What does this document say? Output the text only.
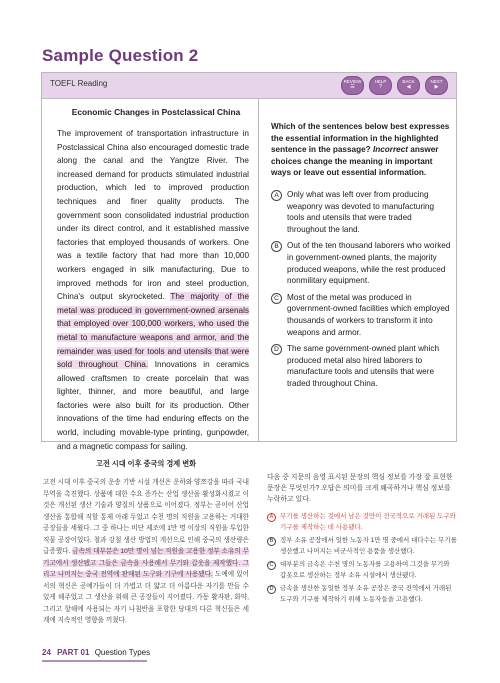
Sample Question 2
TOEFL Reading	REVIEW
☰
HELP
?
BACK
◀
NEXT
▶
Economic Changes in Postclassical China
The improvement of transportation infrastructure in Postclassical China also encouraged domestic trade along the canal and the Yangtze River. The increased demand for products stimulated industrial production, which led to improved production techniques and finer quality products. The government soon consolidated industrial production under its direct control, and it established massive factories that employed thousands of workers. One was a textile factory that had more than 10,000 workers engaged in silk manufacturing. Due to improved methods for iron and steel production, China's output skyrocketed. The majority of the metal was produced in government-owned arsenals that employed over 100,000 workers, who used the metal to manufacture weapons and armor, and the remainder was used for tools and utensils that were sold throughout China. Innovations in ceramics allowed craftsmen to create porcelain that was lighter, thinner, and more beautiful, and large factories were also built for its production. Other innovations of the time had enduring effects on the world, including movable-type printing, gunpowder, and a magnetic compass for sailing.
Which of the sentences below best expresses the essential information in the highlighted sentence in the passage? Incorrect answer choices change the meaning in important ways or leave out essential information.
A	Only what was left over from producing weaponry was devoted to manufacturing tools and utensils that were traded throughout the land.
B	Out of the ten thousand laborers who worked in government-owned plants, the majority produced weapons, while the rest produced nonmilitary equipment.
C Most of the metal was produced in government-owned facilities which employed thousands of workers to transform it into weapons and armor.
D The same government-owned plant which produced metal also hired laborers to manufacture tools and utensils that were traded throughout China.
고전 시대 이후 중국의 경제 변화
고전 시대 이후 중국의 운송 기반 시설 개선은 운하와 양쯔강을 따라 국내 무역을 촉진했다. 상품에 대한 수요 증가는 산업 생산을 활성화시켰고 이것은 개선된 생산 기술과 양질의 상품으로 이어졌다. 정부는 곧이어 산업 생산을 통합해 직할 통제 아래 두었고 수천 명의 직원을 고용하는 거대한 공장들을 세웠다. 그 중 하나는 비단 제조에 1만 명 이상의 직원을 투입한 직물 공장이었다. 철과 강철 생산 방법의 개선으로 인해 중국의 생산량은 급증했다. 금속의 대부분은 10만 명이 넘는 직원을 고용한 정부 소유의 무기고에서 생산됐고 그들은 금속을 사용해서 무기와 갑옷을 제작했다. 그리고 나머지는 중국 전역에 판매된 도구와 기구에 사용됐다. 도예에 있어서의 혁신은 공예가들이 더 가볍고 더 얇고 더 아름다운 자기를 만들 수 있게 해주었고 그 생산을 위해 큰 공장들이 지어졌다. 가동 활자판, 화약, 그리고 항해에 사용되는 자기 나침반을 포함한 당대의 다른 혁신들은 세계에 지속적인 영향을 끼쳤다.
다음 중 지문의 음영 표시된 문장의 핵심 정보를 가장 잘 표현한 문장은 무엇인가? 오답은 의미를 크게 왜곡하거나 핵심 정보를 누락하고 있다.
A	무기를 생산하는 것에서 남은 것만이 전국적으로 거래된 도구와 기구를 제작하는 데 사용됐다.
B	정부 소유 공장에서 일한 노동자 1만 명 중에서 대다수는 무기를 생산했고 나머지는 비군사적인 용품을 생산했다.
C	대부분의 금속은 수천 명의 노동자를 고용하여 그것을 무기와 갑옷으로 생산하는 정부 소유 시설에서 생산됐다.
D	금속을 생산한 동일한 정부 소유 공장은 중국 전역에서 거래된 도구와 기구를 제작하기 위해 노동자들을 고용했다.
24 PART 01 Question Types
